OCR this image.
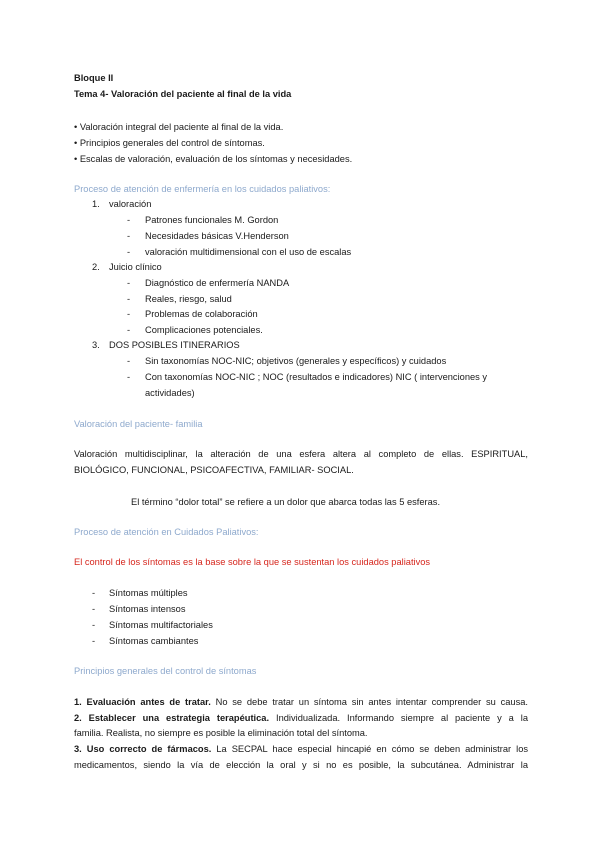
Bloque II
Tema 4- Valoración del paciente al final de la vida
• Valoración integral del paciente al final de la vida.
• Principios generales del control de síntomas.
• Escalas de valoración, evaluación de los síntomas y necesidades.
Proceso de atención de enfermería en los cuidados paliativos:
1. valoración
- Patrones funcionales M. Gordon
- Necesidades básicas V.Henderson
- valoración multidimensional con el uso de escalas
2. Juicio clínico
- Diagnóstico de enfermería NANDA
- Reales, riesgo, salud
- Problemas de colaboración
- Complicaciones potenciales.
3. DOS POSIBLES ITINERARIOS
- Sin taxonomías NOC-NIC; objetivos (generales y específicos) y cuidados
- Con taxonomías NOC-NIC ; NOC (resultados e indicadores) NIC ( intervenciones y
actividades)
Valoración del paciente- familia
Valoración multidisciplinar, la alteración de una esfera altera al completo de ellas. ESPIRITUAL,
BIOLÓGICO, FUNCIONAL, PSICOAFECTIVA, FAMILIAR- SOCIAL.
El término “dolor total” se refiere a un dolor que abarca todas las 5 esferas.
Proceso de atención en Cuidados Paliativos:
El control de los síntomas es la base sobre la que se sustentan los cuidados paliativos
- Síntomas múltiples
- Síntomas intensos
- Síntomas multifactoriales
- Síntomas cambiantes
Principios generales del control de síntomas
1. Evaluación antes de tratar. No se debe tratar un síntoma sin antes intentar comprender su causa.
2. Establecer una estrategia terapéutica. Individualizada. Informando siempre al paciente y a la
familia. Realista, no siempre es posible la eliminación total del síntoma.
3. Uso correcto de fármacos. La SECPAL hace especial hincapié en cómo se deben administrar los
medicamentos, siendo la vía de elección la oral y si no es posible, la subcutánea. Administrar la
